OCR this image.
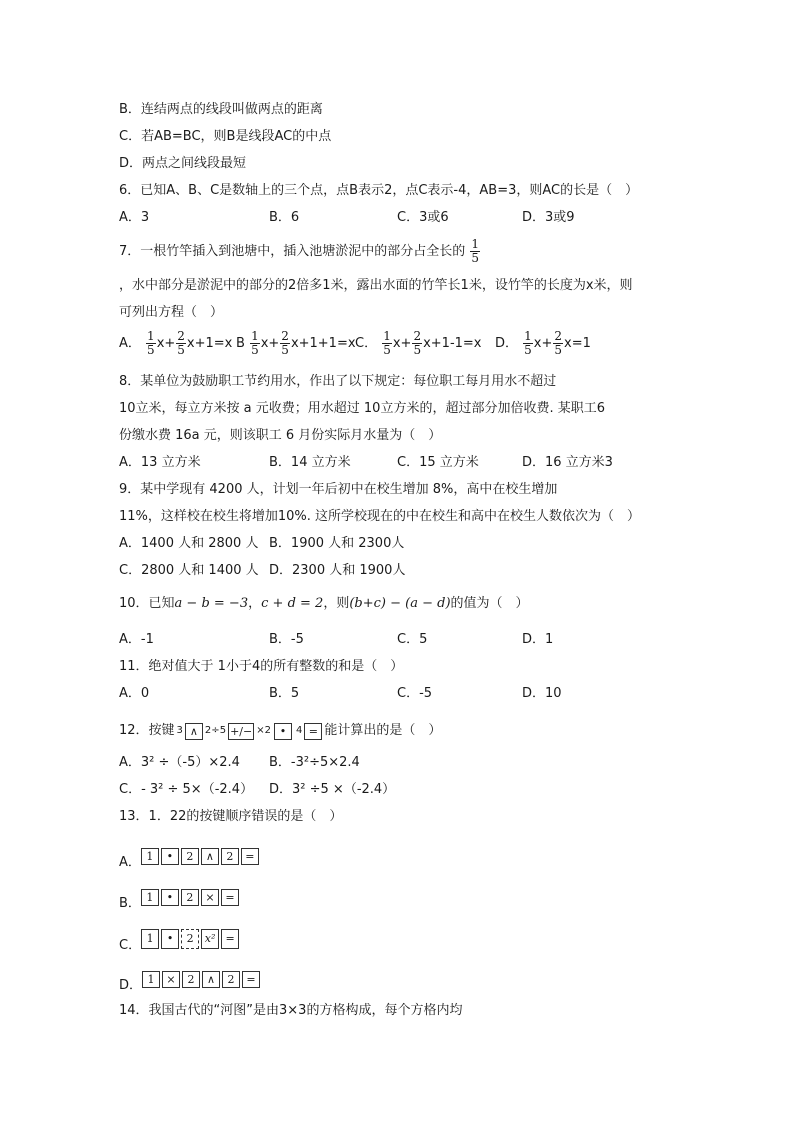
B．连结两点的线段叫做两点的距离
C．若AB=BC，则B是线段AC的中点
D．两点之间线段最短
6．已知A、B、C是数轴上的三个点，点B表示2，点C表示-4，AB=3，则AC的长是（　）
A．3	B．6	C．3或6	D．3或9
7．一根竹竿插入到池塘中，插入池塘淤泥中的部分占全长的 $\frac{1}{5}$
，水中部分是淤泥中的部分的2倍多1米，露出水面的竹竿长1米，设竹竿的长度为x米，则
可列出方程（　）
A． $\frac{1}{5} x+ \frac{2}{5} x+1=x$ B $\frac{1}{5} x+ \frac{2}{5} x+1+1=x$ C． $\frac{1}{5} x+ \frac{2}{5} x+1-1=x$ D． $\frac{1}{5} x+ \frac{2}{5} x=1$
8．某单位为鼓励职工节约用水，作出了以下规定：每位职工每月用水不超过
10立米，每立方米按 a 元收费；用水超过 10立方米的，超过部分加倍收费. 某职工6
份缴水费 16a 元，则该职工 6 月份实际月水量为（　）
A．13 立方米	B．14 立方米	C．15 立方米	D．16 立方米3
9．某中学现有 4200 人，计划一年后初中在校生增加 8%，高中在校生增加
11%，这样校在校生将增加10%. 这所学校现在的中在校生和高中在校生人数依次为（　）
A．1400 人和 2800 人 B．1900 人和 2300人
C．2800 人和 1400 人 D．2300 人和 1900人
10．已知a − b = −3，c + d = 2，则(b+c) − (a − d)的值为（　）
A．-1	B．-5	C．5	D．1
11．绝对值大于 1小于4的所有整数的和是（　）
A．0	B．5	C．-5	D．10
12．按键 3 ∧ 2 ÷ 5 +/− × 2 • 4 = 能计算出的是（　）
A．3² ÷（-5）×2.4 B．-3²÷5×2.4
C．- 3² ÷ 5×（-2.4） D．3² ÷5 ×（-2.4）
13．1．22的按键顺序错误的是（　）
A． 1	•	2	∧	2	=
B． 1	•	2	× =
C． 1	•	2	x² =
D． 1	×	2	∧	2	=
14．我国古代的“河图”是由3×3的方格构成，每个方格内均
